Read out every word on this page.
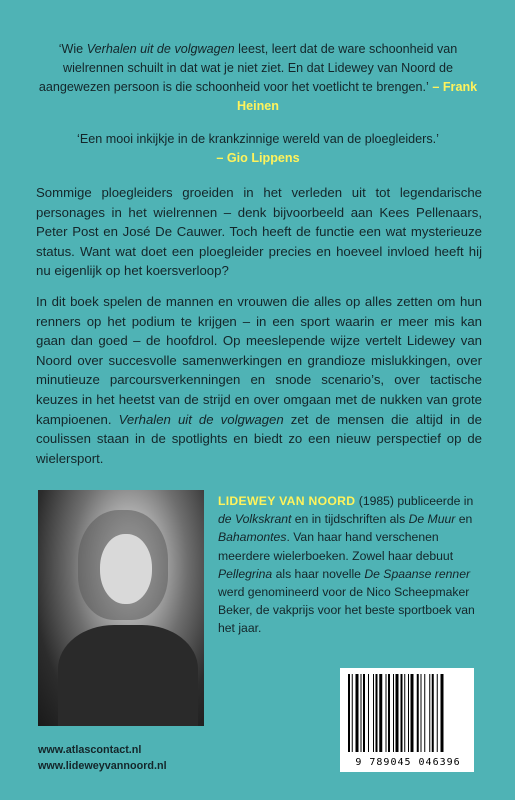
‘Wie Verhalen uit de volgwagen leest, leert dat de ware schoonheid van wielrennen schuilt in dat wat je niet ziet. En dat Lidewey van Noord de aangewezen persoon is die schoonheid voor het voetlicht te brengen.’ – Frank Heinen

‘Een mooi inkijkje in de krankzinnige wereld van de ploegleiders.’
– Gio Lippens

Sommige ploegleiders groeiden in het verleden uit tot legendarische personages in het wielrennen – denk bijvoorbeeld aan Kees Pellenaars, Peter Post en José De Cauwer. Toch heeft de functie een wat mysterieuze status. Want wat doet een ploegleider precies en hoeveel invloed heeft hij nu eigenlijk op het koersverloop?

In dit boek spelen de mannen en vrouwen die alles op alles zetten om hun renners op het podium te krijgen – in een sport waarin er meer mis kan gaan dan goed – de hoofdrol. Op meeslepende wijze vertelt Lidewey van Noord over succesvolle samenwerkingen en grandioze mislukkingen, over minutieuze parcoursverkenningen en snode scenario’s, over tactische keuzes in het heetst van de strijd en over omgaan met de nukken van grote kampioenen. Verhalen uit de volgwagen zet de mensen die altijd in de coulissen staan in de spotlights en biedt zo een nieuw perspectief op de wielersport.

LIDEWEY VAN NOORD (1985) publiceerde in de Volkskrant en in tijdschriften als De Muur en Bahamontes. Van haar hand verschenen meerdere wielerboeken. Zowel haar debuut Pellegrina als haar novelle De Spaanse renner werd genomineerd voor de Nico Scheepmaker Beker, de vakprijs voor het beste sportboek van het jaar.

www.atlascontact.nl
www.lideweyvannoord.nl	9 789045 046396
